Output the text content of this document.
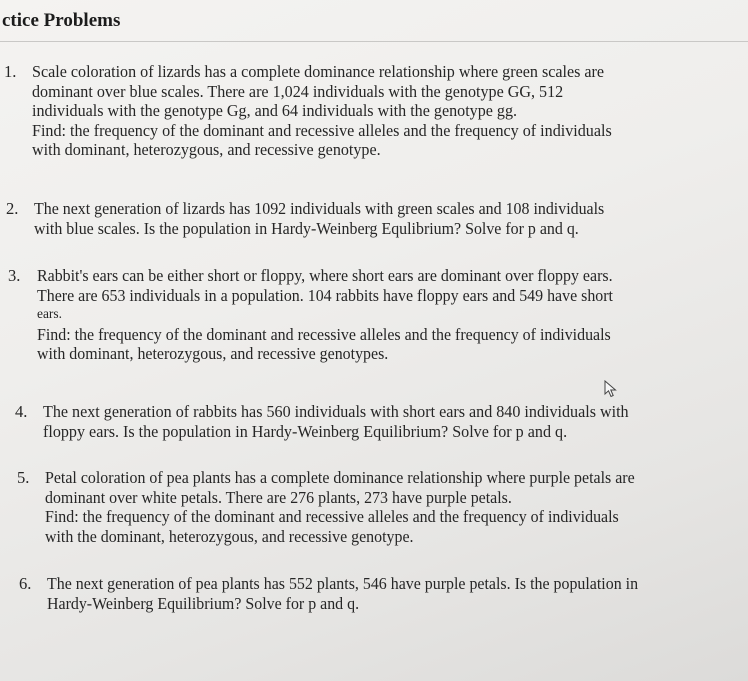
ctice Problems
1. Scale coloration of lizards has a complete dominance relationship where green scales are
dominant over blue scales. There are 1,024 individuals with the genotype GG, 512
individuals with the genotype Gg, and 64 individuals with the genotype gg.
Find: the frequency of the dominant and recessive alleles and the frequency of individuals
with dominant, heterozygous, and recessive genotype.
2. The next generation of lizards has 1092 individuals with green scales and 108 individuals
with blue scales. Is the population in Hardy-Weinberg Equlibrium? Solve for p and q.
3. Rabbit's ears can be either short or floppy, where short ears are dominant over floppy ears.
There are 653 individuals in a population. 104 rabbits have floppy ears and 549 have short
ears.
Find: the frequency of the dominant and recessive alleles and the frequency of individuals
with dominant, heterozygous, and recessive genotypes.
4. The next generation of rabbits has 560 individuals with short ears and 840 individuals with
floppy ears. Is the population in Hardy-Weinberg Equilibrium? Solve for p and q.
5. Petal coloration of pea plants has a complete dominance relationship where purple petals are
dominant over white petals. There are 276 plants, 273 have purple petals.
Find: the frequency of the dominant and recessive alleles and the frequency of individuals
with the dominant, heterozygous, and recessive genotype.
6. The next generation of pea plants has 552 plants, 546 have purple petals. Is the population in
Hardy-Weinberg Equilibrium? Solve for p and q.
